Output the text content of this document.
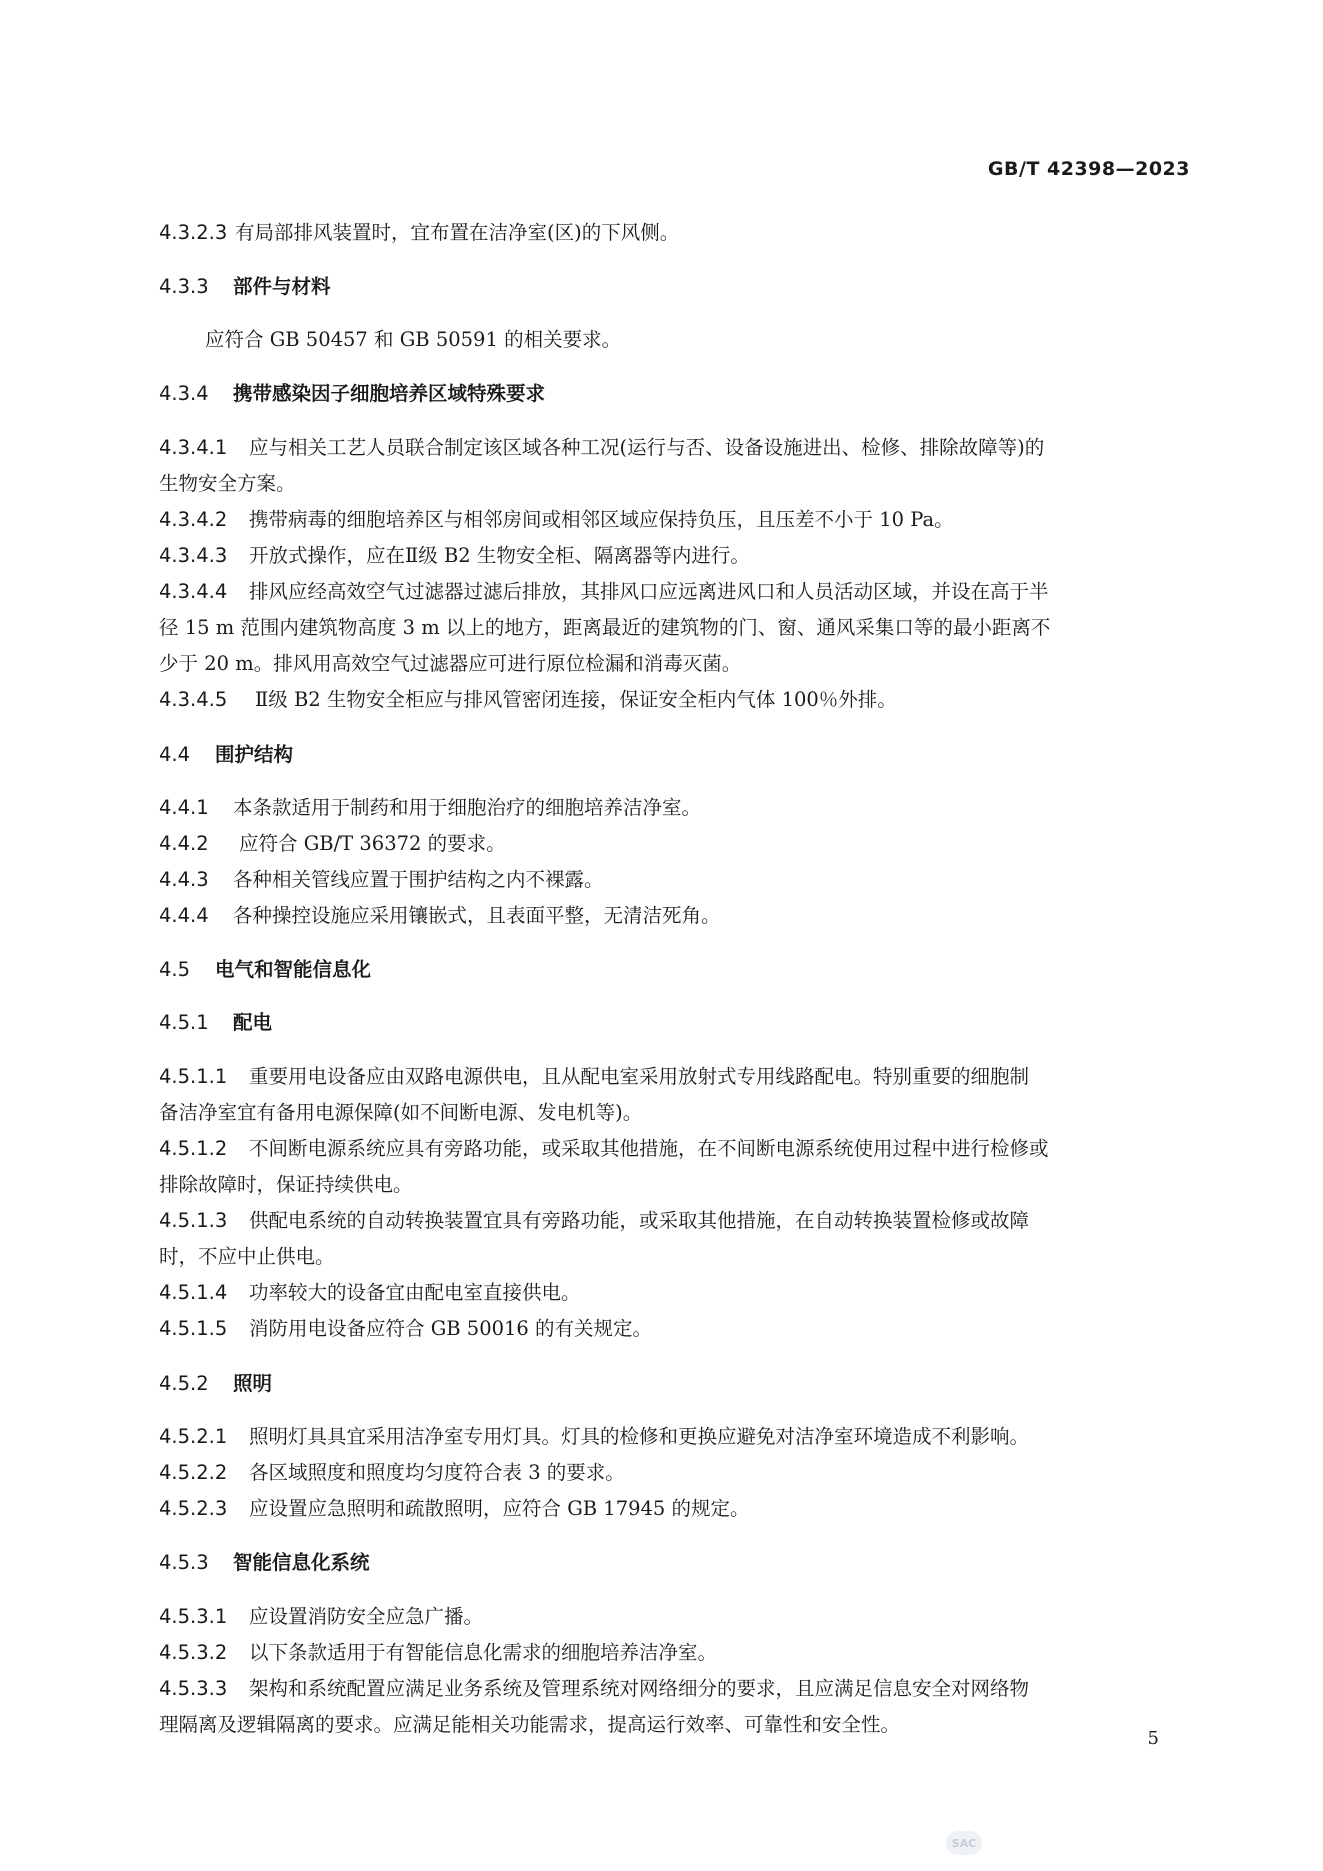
GB/T 42398—2023
4.3.2.3 有局部排风装置时，宜布置在洁净室(区)的下风侧。
4.3.3 部件与材料
应符合 GB 50457 和 GB 50591 的相关要求。
4.3.4 携带感染因子细胞培养区域特殊要求
4.3.4.1 应与相关工艺人员联合制定该区域各种工况(运行与否、设备设施进出、检修、排除故障等)的
生物安全方案。
4.3.4.2 携带病毒的细胞培养区与相邻房间或相邻区域应保持负压，且压差不小于 10 Pa。
4.3.4.3 开放式操作，应在Ⅱ级 B2 生物安全柜、隔离器等内进行。
4.3.4.4 排风应经高效空气过滤器过滤后排放，其排风口应远离进风口和人员活动区域，并设在高于半
径 15 m 范围内建筑物高度 3 m 以上的地方，距离最近的建筑物的门、窗、通风采集口等的最小距离不
少于 20 m。排风用高效空气过滤器应可进行原位检漏和消毒灭菌。
4.3.4.5 Ⅱ级 B2 生物安全柜应与排风管密闭连接，保证安全柜内气体 100％外排。
4.4 围护结构
4.4.1 本条款适用于制药和用于细胞治疗的细胞培养洁净室。
4.4.2 应符合 GB/T 36372 的要求。
4.4.3 各种相关管线应置于围护结构之内不裸露。
4.4.4 各种操控设施应采用镶嵌式，且表面平整，无清洁死角。
4.5 电气和智能信息化
4.5.1 配电
4.5.1.1 重要用电设备应由双路电源供电，且从配电室采用放射式专用线路配电。特别重要的细胞制
备洁净室宜有备用电源保障(如不间断电源、发电机等)。
4.5.1.2 不间断电源系统应具有旁路功能，或采取其他措施，在不间断电源系统使用过程中进行检修或
排除故障时，保证持续供电。
4.5.1.3 供配电系统的自动转换装置宜具有旁路功能，或采取其他措施，在自动转换装置检修或故障
时，不应中止供电。
4.5.1.4 功率较大的设备宜由配电室直接供电。
4.5.1.5 消防用电设备应符合 GB 50016 的有关规定。
4.5.2 照明
4.5.2.1 照明灯具具宜采用洁净室专用灯具。灯具的检修和更换应避免对洁净室环境造成不利影响。
4.5.2.2 各区域照度和照度均匀度符合表 3 的要求。
4.5.2.3 应设置应急照明和疏散照明，应符合 GB 17945 的规定。
4.5.3 智能信息化系统
4.5.3.1 应设置消防安全应急广播。
4.5.3.2 以下条款适用于有智能信息化需求的细胞培养洁净室。
4.5.3.3 架构和系统配置应满足业务系统及管理系统对网络细分的要求，且应满足信息安全对网络物
理隔离及逻辑隔离的要求。应满足能相关功能需求，提高运行效率、可靠性和安全性。
5
SAC
